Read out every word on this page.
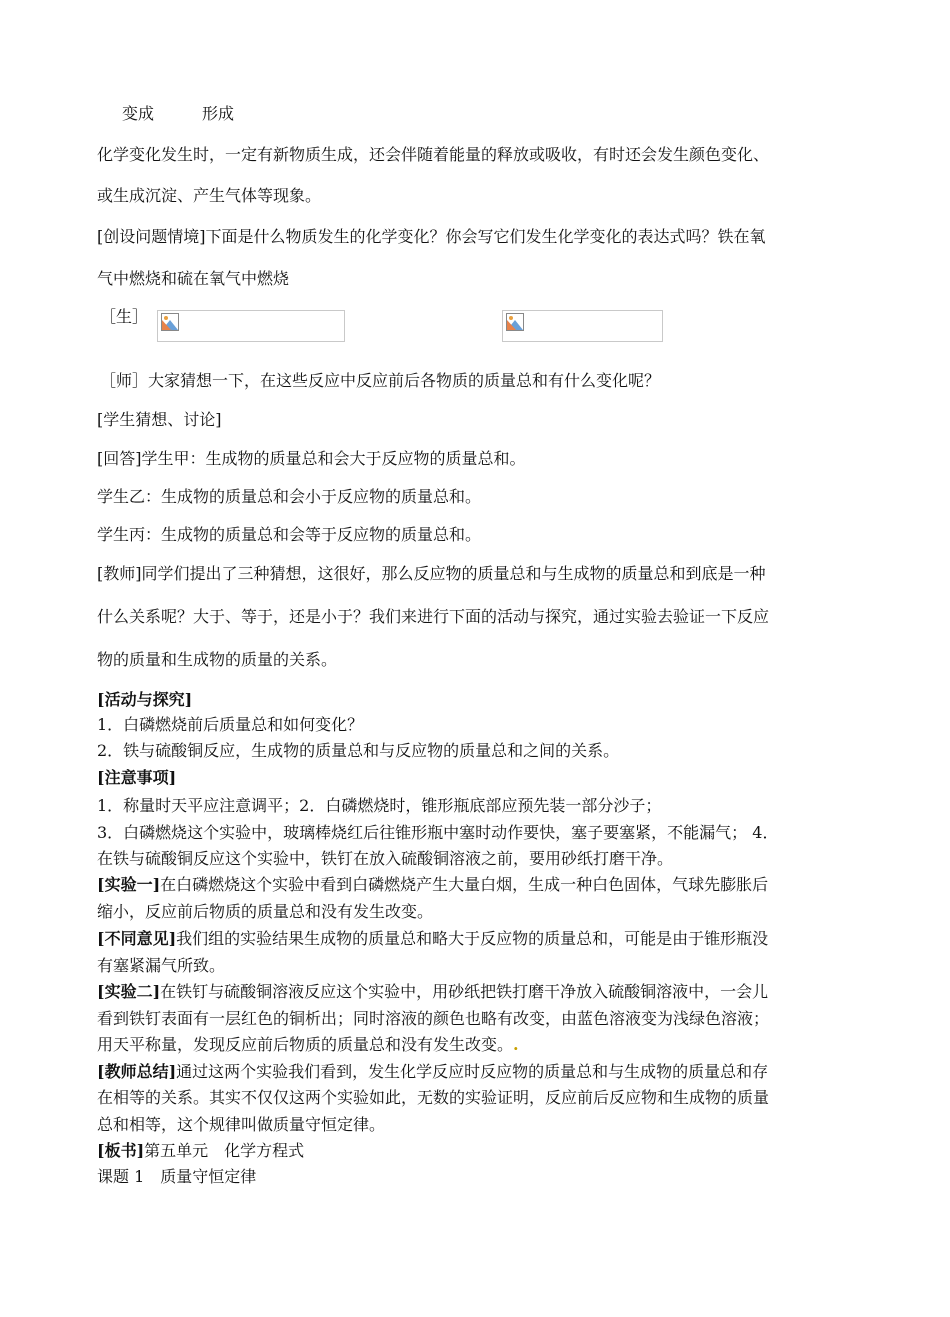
变成　　　形成
化学变化发生时，一定有新物质生成，还会伴随着能量的释放或吸收，有时还会发生颜色变化、
或生成沉淀、产生气体等现象。
[创设问题情境]下面是什么物质发生的化学变化？你会写它们发生化学变化的表达式吗？铁在氧
气中燃烧和硫在氧气中燃烧
［生］
［师］大家猜想一下，在这些反应中反应前后各物质的质量总和有什么变化呢？
[学生猜想、讨论]
[回答]学生甲：生成物的质量总和会大于反应物的质量总和。
学生乙：生成物的质量总和会小于反应物的质量总和。
学生丙：生成物的质量总和会等于反应物的质量总和。
[教师]同学们提出了三种猜想，这很好，那么反应物的质量总和与生成物的质量总和到底是一种
什么关系呢？大于、等于，还是小于？我们来进行下面的活动与探究，通过实验去验证一下反应
物的质量和生成物的质量的关系。
[活动与探究]
1．白磷燃烧前后质量总和如何变化？
2．铁与硫酸铜反应，生成物的质量总和与反应物的质量总和之间的关系。
[注意事项]
1．称量时天平应注意调平；2．白磷燃烧时，锥形瓶底部应预先装一部分沙子；
3．白磷燃烧这个实验中，玻璃棒烧红后往锥形瓶中塞时动作要快，塞子要塞紧，不能漏气； 4．
在铁与硫酸铜反应这个实验中，铁钉在放入硫酸铜溶液之前，要用砂纸打磨干净。
[实验一]在白磷燃烧这个实验中看到白磷燃烧产生大量白烟，生成一种白色固体，气球先膨胀后
缩小，反应前后物质的质量总和没有发生改变。
[不同意见]我们组的实验结果生成物的质量总和略大于反应物的质量总和，可能是由于锥形瓶没
有塞紧漏气所致。
[实验二]在铁钉与硫酸铜溶液反应这个实验中，用砂纸把铁打磨干净放入硫酸铜溶液中，一会儿
看到铁钉表面有一层红色的铜析出；同时溶液的颜色也略有改变，由蓝色溶液变为浅绿色溶液；
用天平称量，发现反应前后物质的质量总和没有发生改变。.
[教师总结]通过这两个实验我们看到，发生化学反应时反应物的质量总和与生成物的质量总和存
在相等的关系。其实不仅仅这两个实验如此，无数的实验证明，反应前后反应物和生成物的质量
总和相等，这个规律叫做质量守恒定律。
[板书]第五单元　化学方程式
课题 1　质量守恒定律
